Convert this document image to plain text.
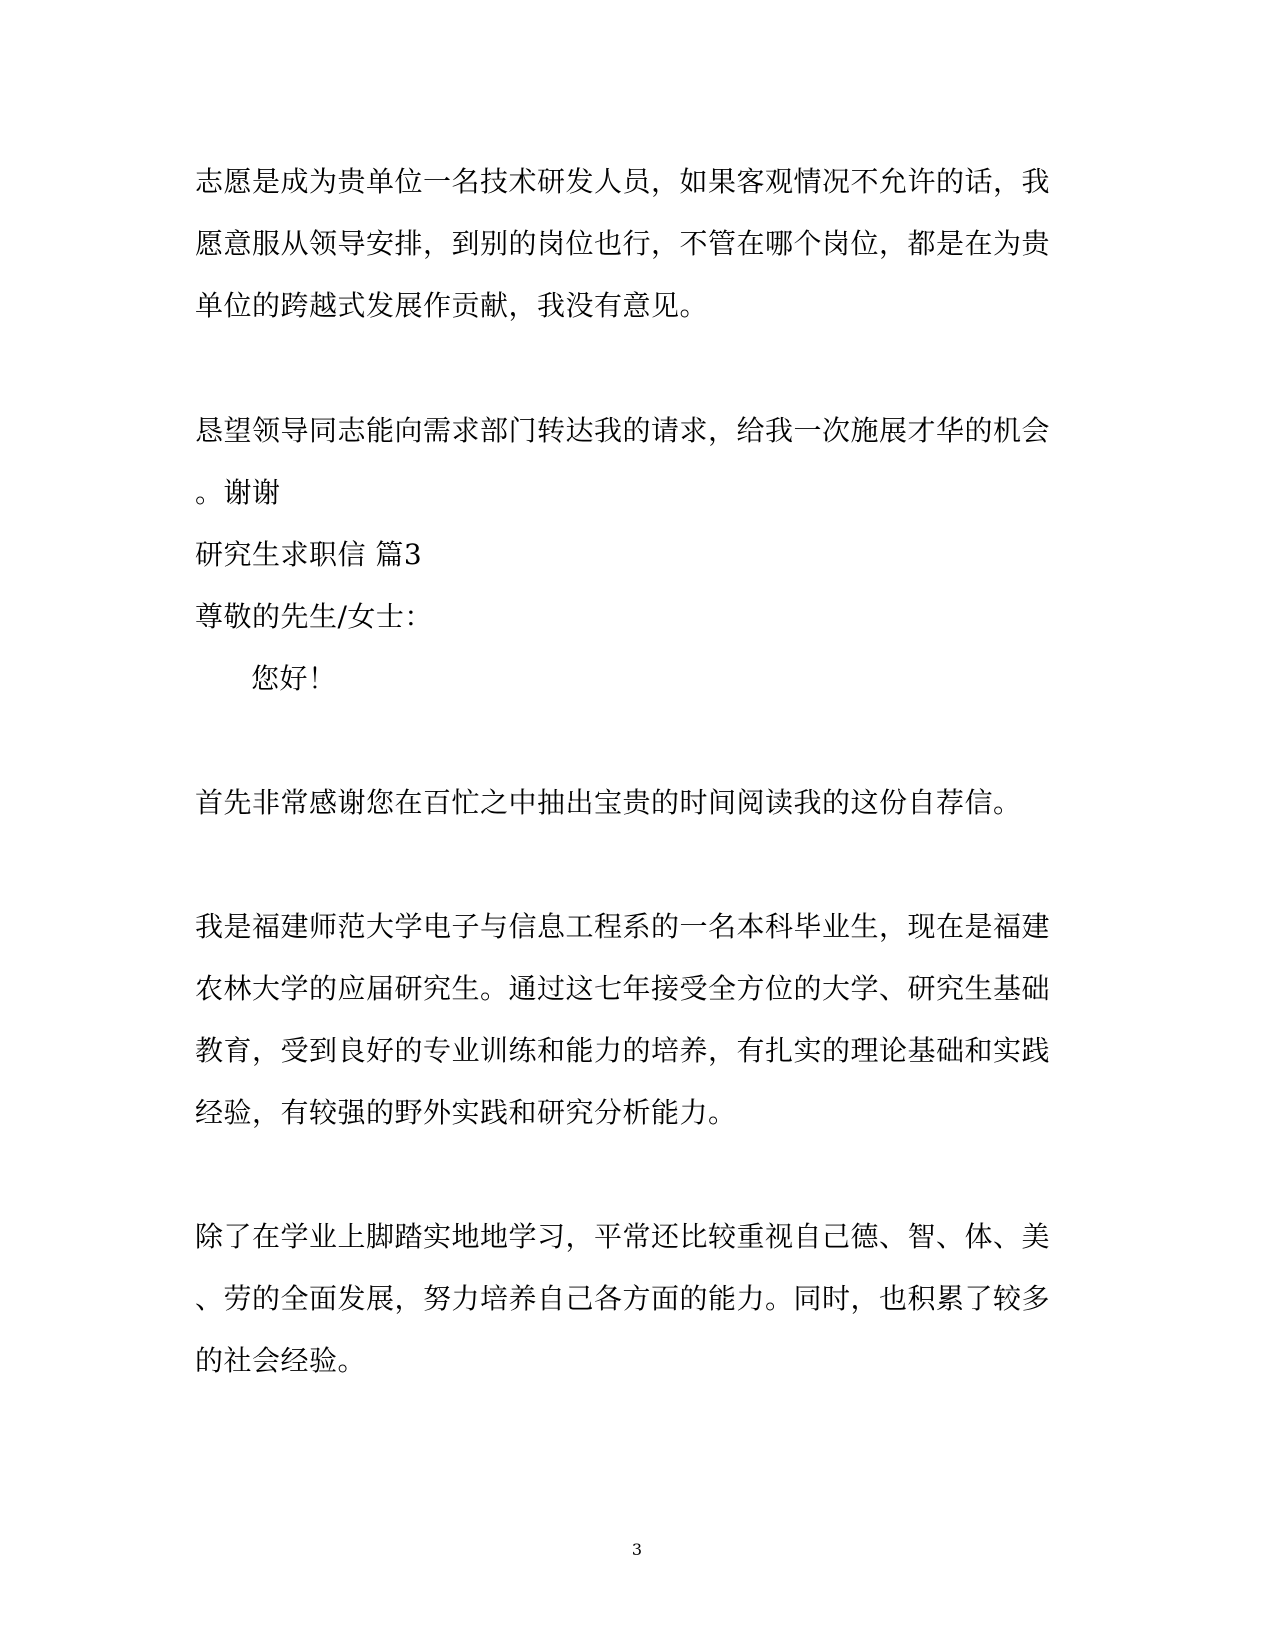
志愿是成为贵单位一名技术研发人员，如果客观情况不允许的话，我
愿意服从领导安排，到别的岗位也行，不管在哪个岗位，都是在为贵
单位的跨越式发展作贡献，我没有意见。
恳望领导同志能向需求部门转达我的请求，给我一次施展才华的机会
。谢谢
研究生求职信 篇3
尊敬的先生/女士：
您好！
首先非常感谢您在百忙之中抽出宝贵的时间阅读我的这份自荐信。
我是福建师范大学电子与信息工程系的一名本科毕业生，现在是福建
农林大学的应届研究生。通过这七年接受全方位的大学、研究生基础
教育，受到良好的专业训练和能力的培养，有扎实的理论基础和实践
经验，有较强的野外实践和研究分析能力。
除了在学业上脚踏实地地学习，平常还比较重视自己德、智、体、美
、劳的全面发展，努力培养自己各方面的能力。同时，也积累了较多
的社会经验。
3
